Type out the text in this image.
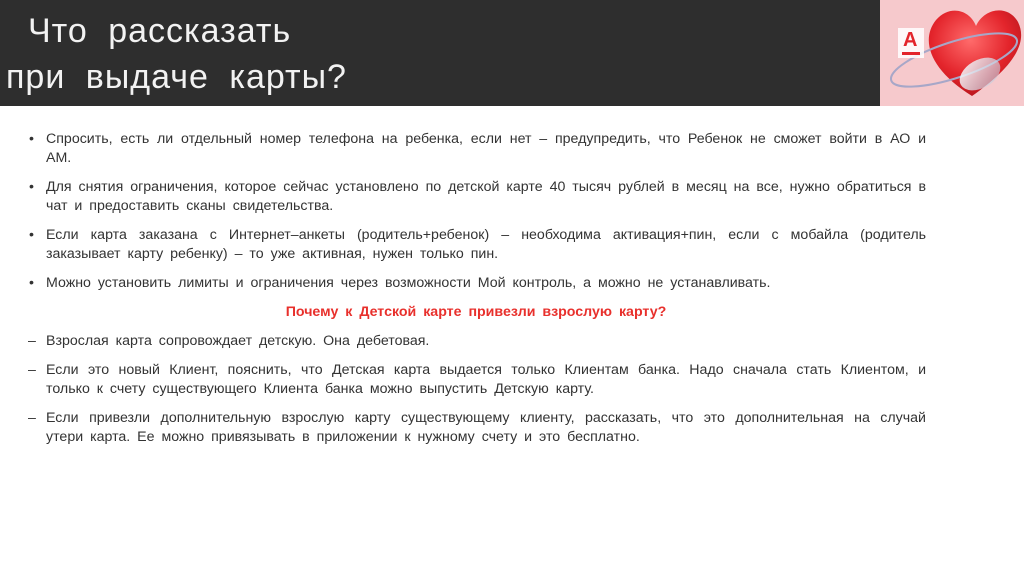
Что рассказать
при выдаче карты?
А
• Спросить, есть ли отдельный номер телефона на ребенка, если нет – предупредить, что Ребенок не сможет войти в АО и АМ.
• Для снятия ограничения, которое сейчас установлено по детской карте 40 тысяч рублей в месяц на все, нужно обратиться в чат и предоставить сканы свидетельства.
• Если карта заказана с Интернет–анкеты (родитель+ребенок) – необходима активация+пин, если с мобайла (родитель заказывает карту ребенку) – то уже активная, нужен только пин.
• Можно установить лимиты и ограничения через возможности Мой контроль, а можно не устанавливать.
Почему к Детской карте привезли взрослую карту?
– Взрослая карта сопровождает детскую. Она дебетовая.
– Если это новый Клиент, пояснить, что Детская карта выдается только Клиентам банка. Надо сначала стать Клиентом, и только к счету существующего Клиента банка можно выпустить Детскую карту.
– Если привезли дополнительную взрослую карту существующему клиенту, рассказать, что это дополнительная на случай утери карта. Ее можно привязывать в приложении к нужному счету и это бесплатно.
